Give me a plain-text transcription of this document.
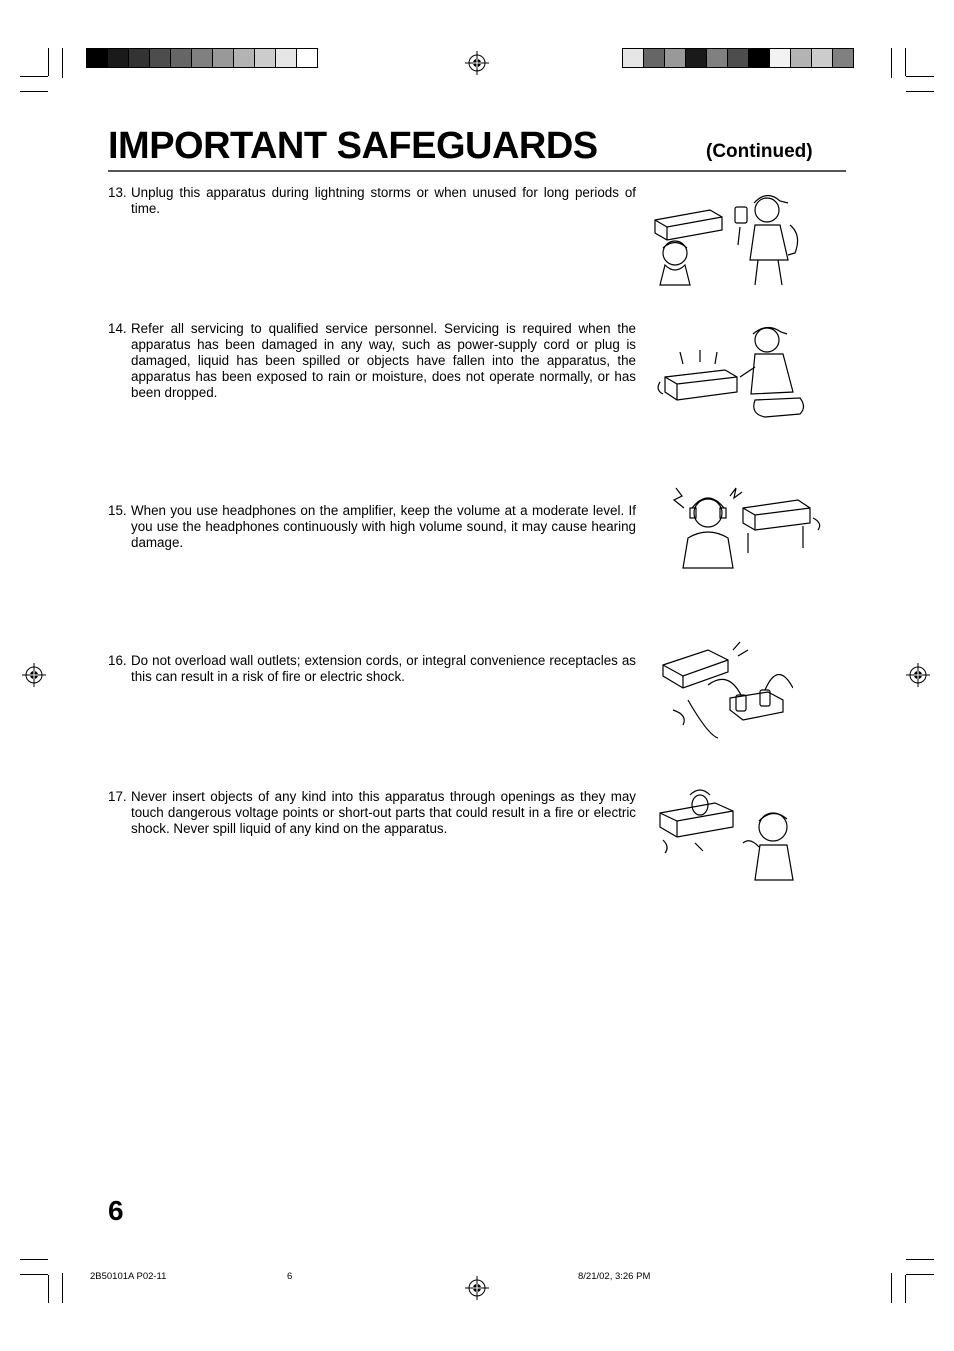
IMPORTANT SAFEGUARDS	(Continued)
13. Unplug this apparatus during lightning storms or when unused for long periods of time.
14. Refer all servicing to qualified service personnel. Servicing is required when the apparatus has been damaged in any way, such as power-supply cord or plug is damaged, liquid has been spilled or objects have fallen into the apparatus, the apparatus has been exposed to rain or moisture, does not operate normally, or has been dropped.
15. When you use headphones on the amplifier, keep the volume at a moderate level. If you use the headphones continuously with high volume sound, it may cause hearing damage.
16. Do not overload wall outlets; extension cords, or integral convenience receptacles as this can result in a risk of fire or electric shock.
17. Never insert objects of any kind into this apparatus through openings as they may touch dangerous voltage points or short-out parts that could result in a fire or electric shock. Never spill liquid of any kind on the apparatus.
6
2B50101A P02-11	6	8/21/02, 3:26 PM
